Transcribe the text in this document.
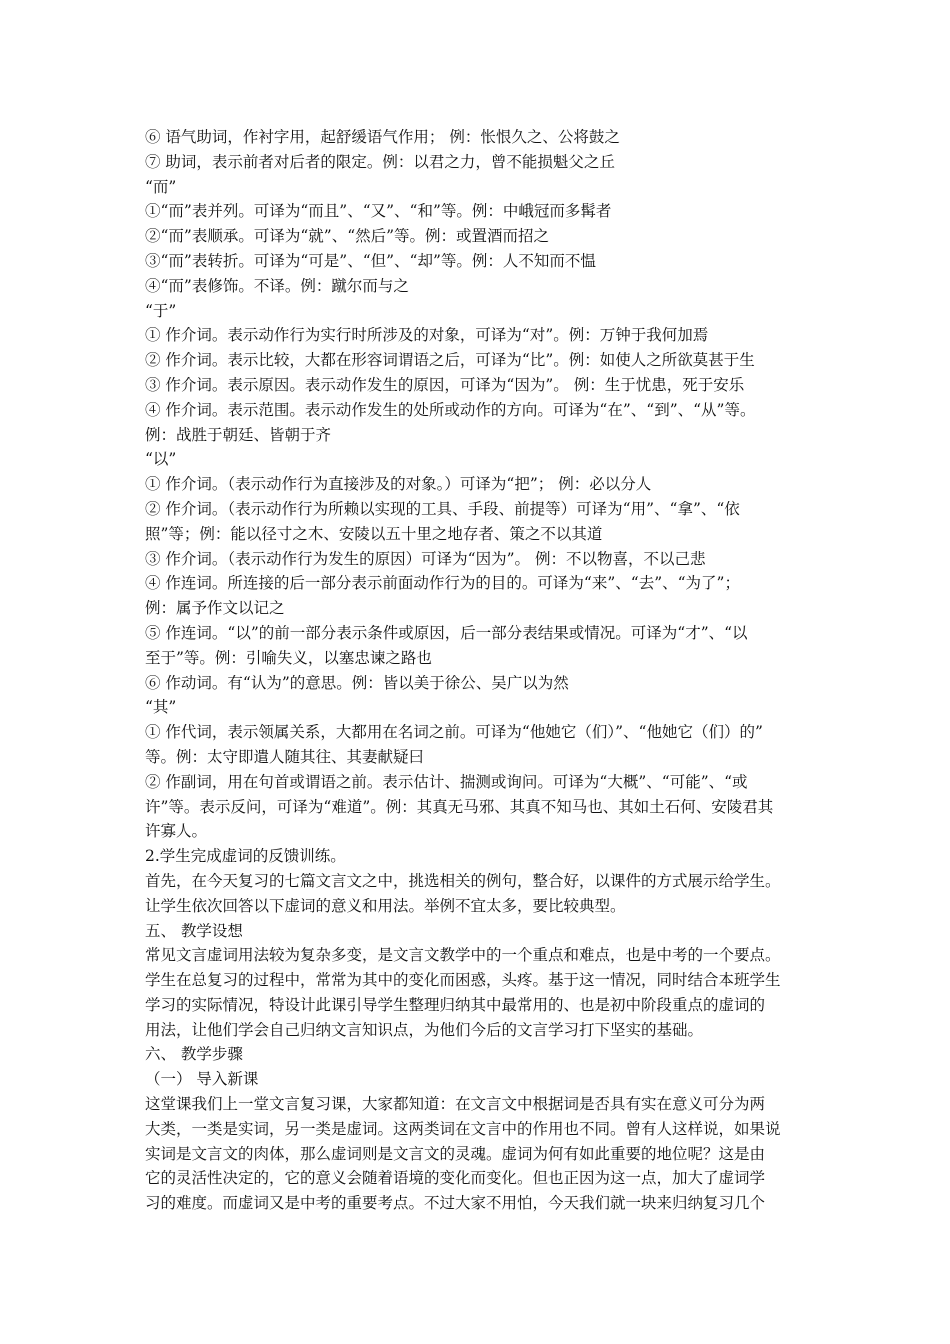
⑥ 语气助词，作衬字用，起舒缓语气作用； 例：怅恨久之、公将鼓之

⑦ 助词，表示前者对后者的限定。例：以君之力，曾不能损魁父之丘

“而”

①“而”表并列。可译为“而且”、“又”、“和”等。例：中峨冠而多髯者

②“而”表顺承。可译为“就”、“然后”等。例：或置酒而招之

③“而”表转折。可译为“可是”、“但”、“却”等。例：人不知而不愠

④“而”表修饰。不译。例：蹴尔而与之

“于”

① 作介词。表示动作行为实行时所涉及的对象，可译为“对”。例：万钟于我何加焉

② 作介词。表示比较，大都在形容词谓语之后，可译为“比”。例：如使人之所欲莫甚于生

③ 作介词。表示原因。表示动作发生的原因，可译为“因为”。 例：生于忧患，死于安乐

④ 作介词。表示范围。表示动作发生的处所或动作的方向。可译为“在”、“到”、“从”等。

例：战胜于朝廷、皆朝于齐

“以”

① 作介词。（表示动作行为直接涉及的对象。）可译为“把”； 例：必以分人

② 作介词。（表示动作行为所赖以实现的工具、手段、前提等）可译为“用”、“拿”、“依

照”等；例：能以径寸之木、安陵以五十里之地存者、策之不以其道

③ 作介词。（表示动作行为发生的原因）可译为“因为”。 例：不以物喜，不以己悲

④ 作连词。所连接的后一部分表示前面动作行为的目的。可译为“来”、“去”、“为了”；

例：属予作文以记之

⑤ 作连词。“以”的前一部分表示条件或原因，后一部分表结果或情况。可译为“才”、“以

至于”等。例：引喻失义，以塞忠谏之路也

⑥ 作动词。有“认为”的意思。例：皆以美于徐公、吴广以为然

“其”

① 作代词，表示领属关系，大都用在名词之前。可译为“他她它（们）”、“他她它（们）的”

等。例：太守即遣人随其往、其妻献疑曰

② 作副词，用在句首或谓语之前。表示估计、揣测或询问。可译为“大概”、“可能”、“或

许”等。表示反问，可译为“难道”。例：其真无马邪、其真不知马也、其如土石何、安陵君其

许寡人。

2.学生完成虚词的反馈训练。

首先，在今天复习的七篇文言文之中，挑选相关的例句，整合好，以课件的方式展示给学生。

让学生依次回答以下虚词的意义和用法。举例不宜太多，要比较典型。

五、 教学设想

常见文言虚词用法较为复杂多变，是文言文教学中的一个重点和难点，也是中考的一个要点。

学生在总复习的过程中，常常为其中的变化而困惑，头疼。基于这一情况，同时结合本班学生

学习的实际情况，特设计此课引导学生整理归纳其中最常用的、也是初中阶段重点的虚词的

用法，让他们学会自己归纳文言知识点，为他们今后的文言学习打下坚实的基础。

六、 教学步骤

（一） 导入新课

这堂课我们上一堂文言复习课，大家都知道：在文言文中根据词是否具有实在意义可分为两

大类，一类是实词，另一类是虚词。这两类词在文言中的作用也不同。曾有人这样说，如果说

实词是文言文的肉体，那么虚词则是文言文的灵魂。虚词为何有如此重要的地位呢？这是由

它的灵活性决定的，它的意义会随着语境的变化而变化。但也正因为这一点，加大了虚词学

习的难度。而虚词又是中考的重要考点。不过大家不用怕，今天我们就一块来归纳复习几个
